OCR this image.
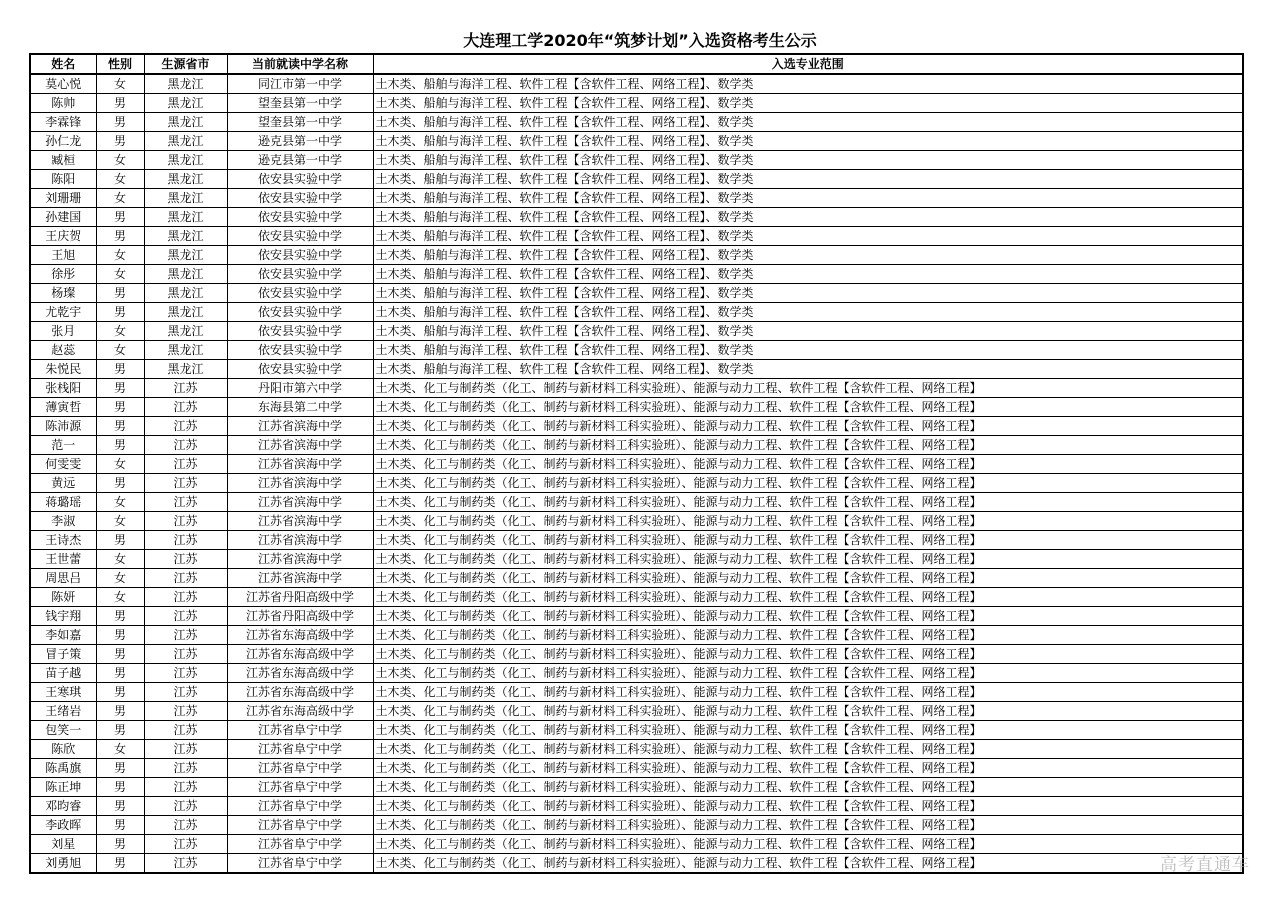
大连理工学2020年“筑梦计划”入选资格考生公示
姓名	性别	生源省市	当前就读中学名称	入选专业范围
莫心悦	女	黑龙江	同江市第一中学	土木类、船舶与海洋工程、软件工程【含软件工程、网络工程】、数学类
陈帅	男	黑龙江	望奎县第一中学	土木类、船舶与海洋工程、软件工程【含软件工程、网络工程】、数学类
李霖锋	男	黑龙江	望奎县第一中学	土木类、船舶与海洋工程、软件工程【含软件工程、网络工程】、数学类
孙仁龙	男	黑龙江	逊克县第一中学	土木类、船舶与海洋工程、软件工程【含软件工程、网络工程】、数学类
臧桓	女	黑龙江	逊克县第一中学	土木类、船舶与海洋工程、软件工程【含软件工程、网络工程】、数学类
陈阳	女	黑龙江	依安县实验中学	土木类、船舶与海洋工程、软件工程【含软件工程、网络工程】、数学类
刘珊珊	女	黑龙江	依安县实验中学	土木类、船舶与海洋工程、软件工程【含软件工程、网络工程】、数学类
孙建国	男	黑龙江	依安县实验中学	土木类、船舶与海洋工程、软件工程【含软件工程、网络工程】、数学类
王庆贺	男	黑龙江	依安县实验中学	土木类、船舶与海洋工程、软件工程【含软件工程、网络工程】、数学类
王旭	女	黑龙江	依安县实验中学	土木类、船舶与海洋工程、软件工程【含软件工程、网络工程】、数学类
徐彤	女	黑龙江	依安县实验中学	土木类、船舶与海洋工程、软件工程【含软件工程、网络工程】、数学类
杨璨	男	黑龙江	依安县实验中学	土木类、船舶与海洋工程、软件工程【含软件工程、网络工程】、数学类
尤乾宇	男	黑龙江	依安县实验中学	土木类、船舶与海洋工程、软件工程【含软件工程、网络工程】、数学类
张月	女	黑龙江	依安县实验中学	土木类、船舶与海洋工程、软件工程【含软件工程、网络工程】、数学类
赵蕊	女	黑龙江	依安县实验中学	土木类、船舶与海洋工程、软件工程【含软件工程、网络工程】、数学类
朱悦民	男	黑龙江	依安县实验中学	土木类、船舶与海洋工程、软件工程【含软件工程、网络工程】、数学类
张栈阳	男	江苏	丹阳市第六中学	土木类、化工与制药类（化工、制药与新材料工科实验班）、能源与动力工程、软件工程【含软件工程、网络工程】
薄寅哲	男	江苏	东海县第二中学	土木类、化工与制药类（化工、制药与新材料工科实验班）、能源与动力工程、软件工程【含软件工程、网络工程】
陈沛源	男	江苏	江苏省滨海中学	土木类、化工与制药类（化工、制药与新材料工科实验班）、能源与动力工程、软件工程【含软件工程、网络工程】
范一	男	江苏	江苏省滨海中学	土木类、化工与制药类（化工、制药与新材料工科实验班）、能源与动力工程、软件工程【含软件工程、网络工程】
何雯雯	女	江苏	江苏省滨海中学	土木类、化工与制药类（化工、制药与新材料工科实验班）、能源与动力工程、软件工程【含软件工程、网络工程】
黄远	男	江苏	江苏省滨海中学	土木类、化工与制药类（化工、制药与新材料工科实验班）、能源与动力工程、软件工程【含软件工程、网络工程】
蒋璐瑶	女	江苏	江苏省滨海中学	土木类、化工与制药类（化工、制药与新材料工科实验班）、能源与动力工程、软件工程【含软件工程、网络工程】
李淑	女	江苏	江苏省滨海中学	土木类、化工与制药类（化工、制药与新材料工科实验班）、能源与动力工程、软件工程【含软件工程、网络工程】
王诗杰	男	江苏	江苏省滨海中学	土木类、化工与制药类（化工、制药与新材料工科实验班）、能源与动力工程、软件工程【含软件工程、网络工程】
王世蕾	女	江苏	江苏省滨海中学	土木类、化工与制药类（化工、制药与新材料工科实验班）、能源与动力工程、软件工程【含软件工程、网络工程】
周思吕	女	江苏	江苏省滨海中学	土木类、化工与制药类（化工、制药与新材料工科实验班）、能源与动力工程、软件工程【含软件工程、网络工程】
陈妍	女	江苏	江苏省丹阳高级中学	土木类、化工与制药类（化工、制药与新材料工科实验班）、能源与动力工程、软件工程【含软件工程、网络工程】
钱宇翔	男	江苏	江苏省丹阳高级中学	土木类、化工与制药类（化工、制药与新材料工科实验班）、能源与动力工程、软件工程【含软件工程、网络工程】
李如嘉	男	江苏	江苏省东海高级中学	土木类、化工与制药类（化工、制药与新材料工科实验班）、能源与动力工程、软件工程【含软件工程、网络工程】
冒子策	男	江苏	江苏省东海高级中学	土木类、化工与制药类（化工、制药与新材料工科实验班）、能源与动力工程、软件工程【含软件工程、网络工程】
苗子越	男	江苏	江苏省东海高级中学	土木类、化工与制药类（化工、制药与新材料工科实验班）、能源与动力工程、软件工程【含软件工程、网络工程】
王寒琪	男	江苏	江苏省东海高级中学	土木类、化工与制药类（化工、制药与新材料工科实验班）、能源与动力工程、软件工程【含软件工程、网络工程】
王绪岩	男	江苏	江苏省东海高级中学	土木类、化工与制药类（化工、制药与新材料工科实验班）、能源与动力工程、软件工程【含软件工程、网络工程】
包笑一	男	江苏	江苏省阜宁中学	土木类、化工与制药类（化工、制药与新材料工科实验班）、能源与动力工程、软件工程【含软件工程、网络工程】
陈欣	女	江苏	江苏省阜宁中学	土木类、化工与制药类（化工、制药与新材料工科实验班）、能源与动力工程、软件工程【含软件工程、网络工程】
陈禹旗	男	江苏	江苏省阜宁中学	土木类、化工与制药类（化工、制药与新材料工科实验班）、能源与动力工程、软件工程【含软件工程、网络工程】
陈正坤	男	江苏	江苏省阜宁中学	土木类、化工与制药类（化工、制药与新材料工科实验班）、能源与动力工程、软件工程【含软件工程、网络工程】
邓昀睿	男	江苏	江苏省阜宁中学	土木类、化工与制药类（化工、制药与新材料工科实验班）、能源与动力工程、软件工程【含软件工程、网络工程】
李政晖	男	江苏	江苏省阜宁中学	土木类、化工与制药类（化工、制药与新材料工科实验班）、能源与动力工程、软件工程【含软件工程、网络工程】
刘星	男	江苏	江苏省阜宁中学	土木类、化工与制药类（化工、制药与新材料工科实验班）、能源与动力工程、软件工程【含软件工程、网络工程】
刘勇旭	男	江苏	江苏省阜宁中学	土木类、化工与制药类（化工、制药与新材料工科实验班）、能源与动力工程、软件工程【含软件工程、网络工程】	高考直通车
